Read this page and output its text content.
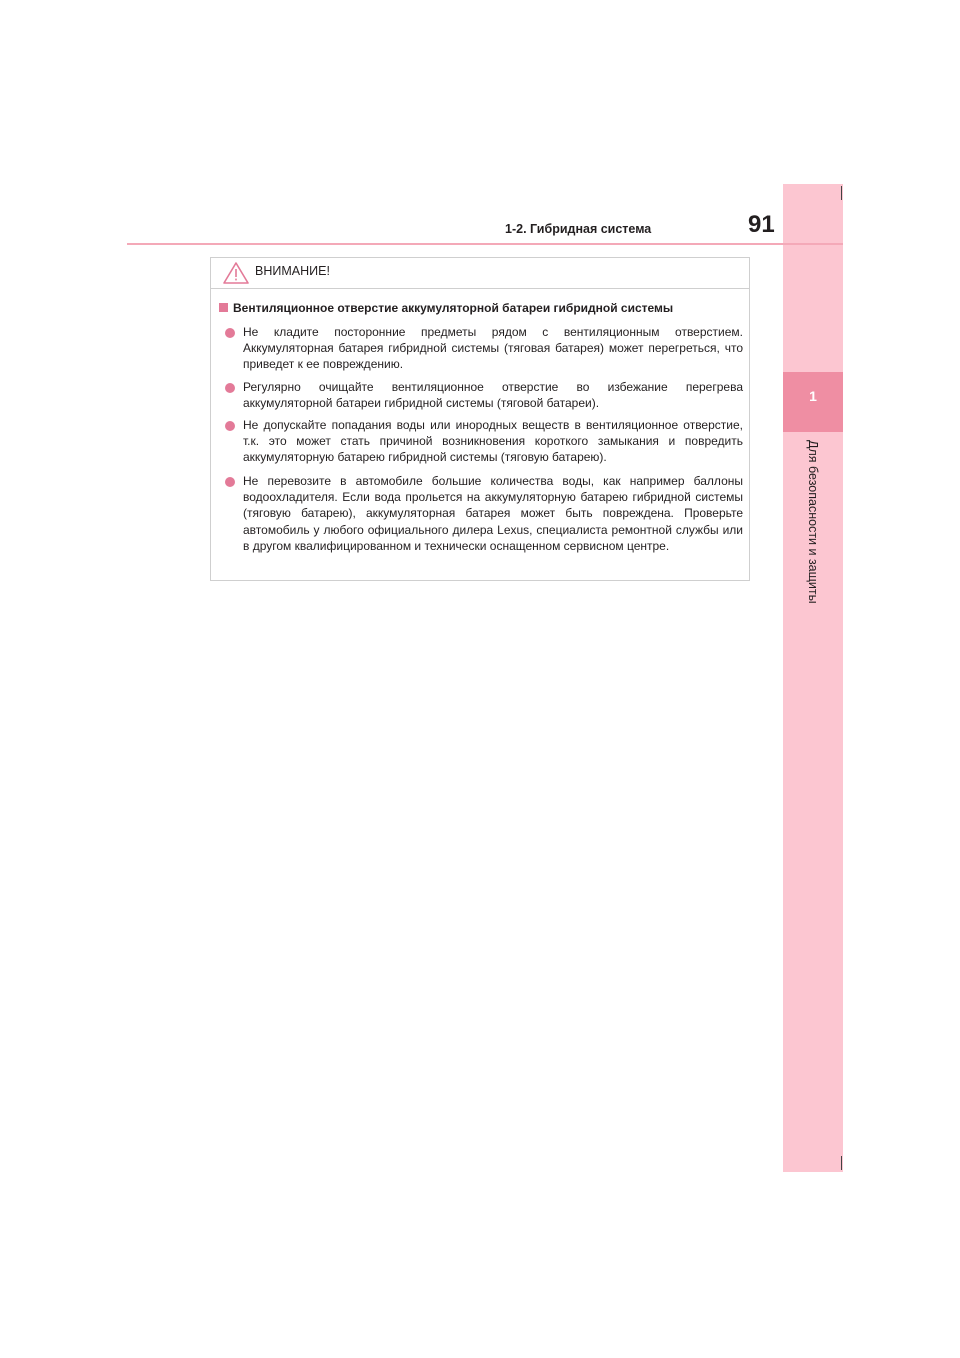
1
Для безопасности и защиты
91
1-2. Гибридная система
ВНИМАНИЕ!
Вентиляционное отверстие аккумуляторной батареи гибридной системы
Не кладите посторонние предметы рядом с вентиляционным отверстием. Аккумуляторная батарея гибридной системы (тяговая батарея) может перегреться, что приведет к ее повреждению.
Регулярно очищайте вентиляционное отверстие во избежание перегрева аккумуляторной батареи гибридной системы (тяговой батареи).
Не допускайте попадания воды или инородных веществ в вентиляционное отверстие, т.к. это может стать причиной возникновения короткого замыкания и повредить аккумуляторную батарею гибридной системы (тяговую батарею).
Не перевозите в автомобиле большие количества воды, как например баллоны водоохладителя. Если вода прольется на аккумуляторную батарею гибридной системы (тяговую батарею), аккумуляторная батарея может быть повреждена. Проверьте автомобиль у любого официального дилера Lexus, специалиста ремонтной службы или в другом квалифицированном и технически оснащенном сервисном центре.
